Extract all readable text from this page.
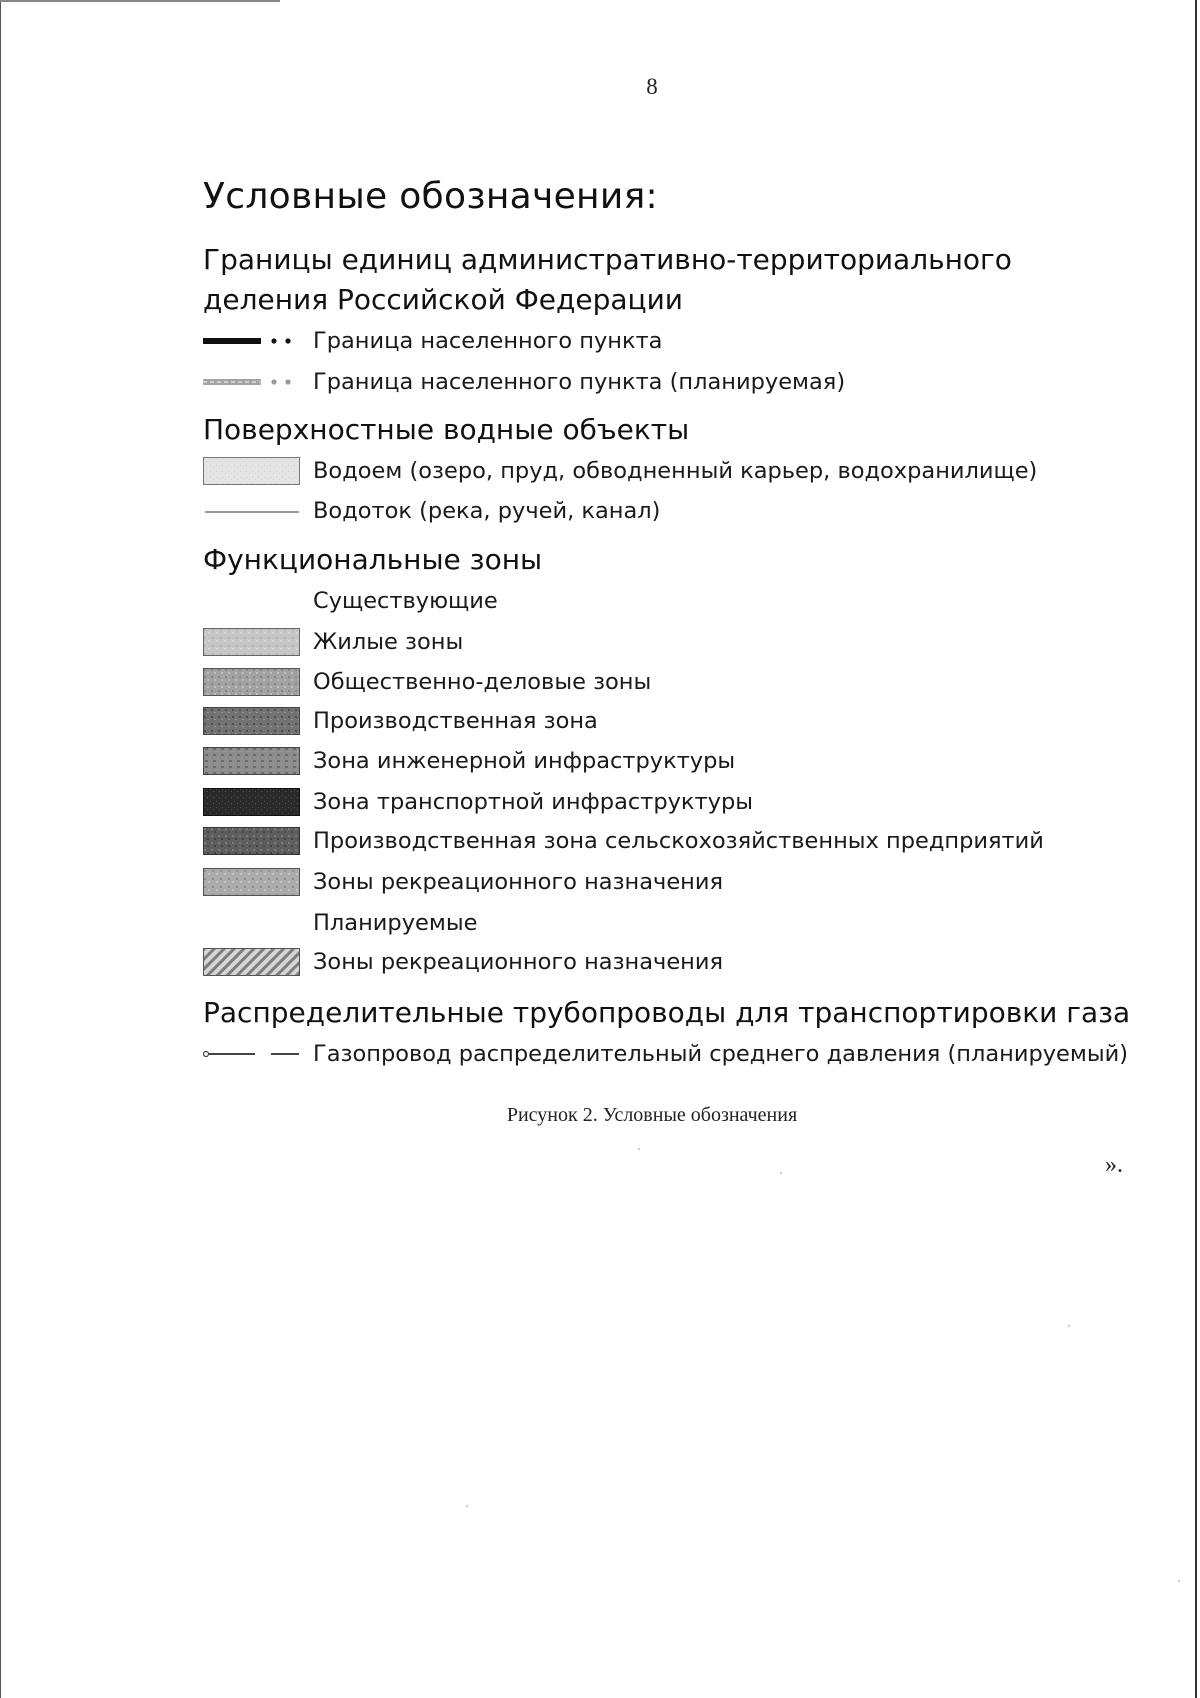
8
Условные обозначения:
Границы единиц административно-территориального
деления Российской Федерации
Граница населенного пункта
Граница населенного пункта (планируемая)
Поверхностные водные объекты
Водоем (озеро, пруд, обводненный карьер, водохранилище)
Водоток (река, ручей, канал)
Функциональные зоны
Существующие
Жилые зоны
Общественно-деловые зоны
Производственная зона
Зона инженерной инфраструктуры
Зона транспортной инфраструктуры
Производственная зона сельскохозяйственных предприятий
Зоны рекреационного назначения
Планируемые
Зоны рекреационного назначения
Распределительные трубопроводы для транспортировки газа
Газопровод распределительный среднего давления (планируемый)
Рисунок 2. Условные обозначения
».
